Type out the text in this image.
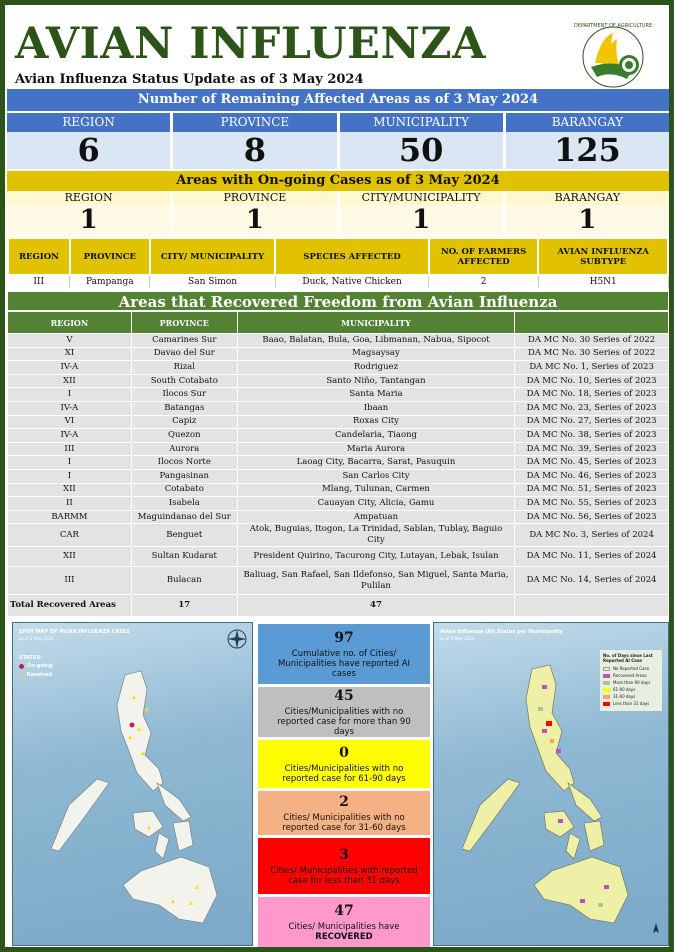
AVIAN INFLUENZA
Avian Influenza Status Update as of 3 May 2024
DEPARTMENT OF AGRICULTURE
Number of Remaining Affected Areas as of 3 May 2024
REGION
6
PROVINCE
8
MUNICIPALITY
50
BARANGAY
125
Areas with On-going Cases as of 3 May 2024
REGION
1
PROVINCE
1
CITY/MUNICIPALITY
1
BARANGAY
1
REGION	PROVINCE	CITY/ MUNICIPALITY	SPECIES AFFECTED	NO. OF FARMERS AFFECTED	AVIAN INFLUENZA SUBTYPE
III	Pampanga	San Simon	Duck, Native Chicken	2	H5N1
Areas that Recovered Freedom from Avian Influenza
REGION	PROVINCE	MUNICIPALITY	
V	Camarines Sur	Baao, Balatan, Bula, Goa, Libmanan, Nabua, Sipocot	DA MC No. 30 Series of 2022
XI	Davao del Sur	Magsaysay	DA MC No. 30 Series of 2022
IV-A	Rizal	Rodriguez	DA MC No. 1, Series of 2023
XII	South Cotabato	Santo Niño, Tantangan	DA MC No. 10, Series of 2023
I	Ilocos Sur	Santa Maria	DA MC No. 18, Series of 2023
IV-A	Batangas	Ibaan	DA MC No. 23, Series of 2023
VI	Capiz	Roxas City	DA MC No. 27, Series of 2023
IV-A	Quezon	Candelaria, Tiaong	DA MC No. 38, Series of 2023
III	Aurora	Maria Aurora	DA MC No. 39, Series of 2023
I	Ilocos Norte	Laoag City, Bacarra, Sarat, Pasuquin	DA MC No. 45, Series of 2023
I	Pangasinan	San Carlos City	DA MC No. 46, Series of 2023
XII	Cotabato	Mlang, Tulunan, Carmen	DA MC No. 51, Series of 2023
II	Isabela	Cauayan City, Alicia, Gamu	DA MC No. 55, Series of 2023
BARMM	Maguindanao del Sur	Ampatuan	DA MC No. 56, Series of 2023
CAR	Benguet	Atok, Buguias, Itogon, La Trinidad, Sablan, Tublay, Baguio City	DA MC No. 3, Series of 2024
XII	Sultan Kudarat	President Quirino, Tacurong City, Lutayan, Lebak, Isulan	DA MC No. 11, Series of 2024
III	Bulacan	Baliuag, San Rafael, San Ildefonso, San Miguel, Santa Maria, Pulilan	DA MC No. 14, Series of 2024
Total Recovered Areas	17	47	
SPOT MAP OF AVIAN INFLUENZA CASES
as of 3 May 2024
STATUS:
On-going
△ Resolved
97
Cumulative no. of Cities/ Municipalities have reported AI cases
45
Cities/Municipalities with no reported case for more than 90 days
0
Cities/Municipalities with no reported case for 61-90 days
2
Cities/ Municipalities with no reported case for 31-60 days
3
Cities/ Municipalities with reported case for less than 31 days
47
Cities/ Municipalities have
RECOVERED
Avian Influenza (AI) Status per Municipality
as of 3 May 2024
No. of Days since Last Reported AI Case
No Reported Case
Recovered Areas
More than 90 days
61-90 days
31-60 days
Less than 31 days
